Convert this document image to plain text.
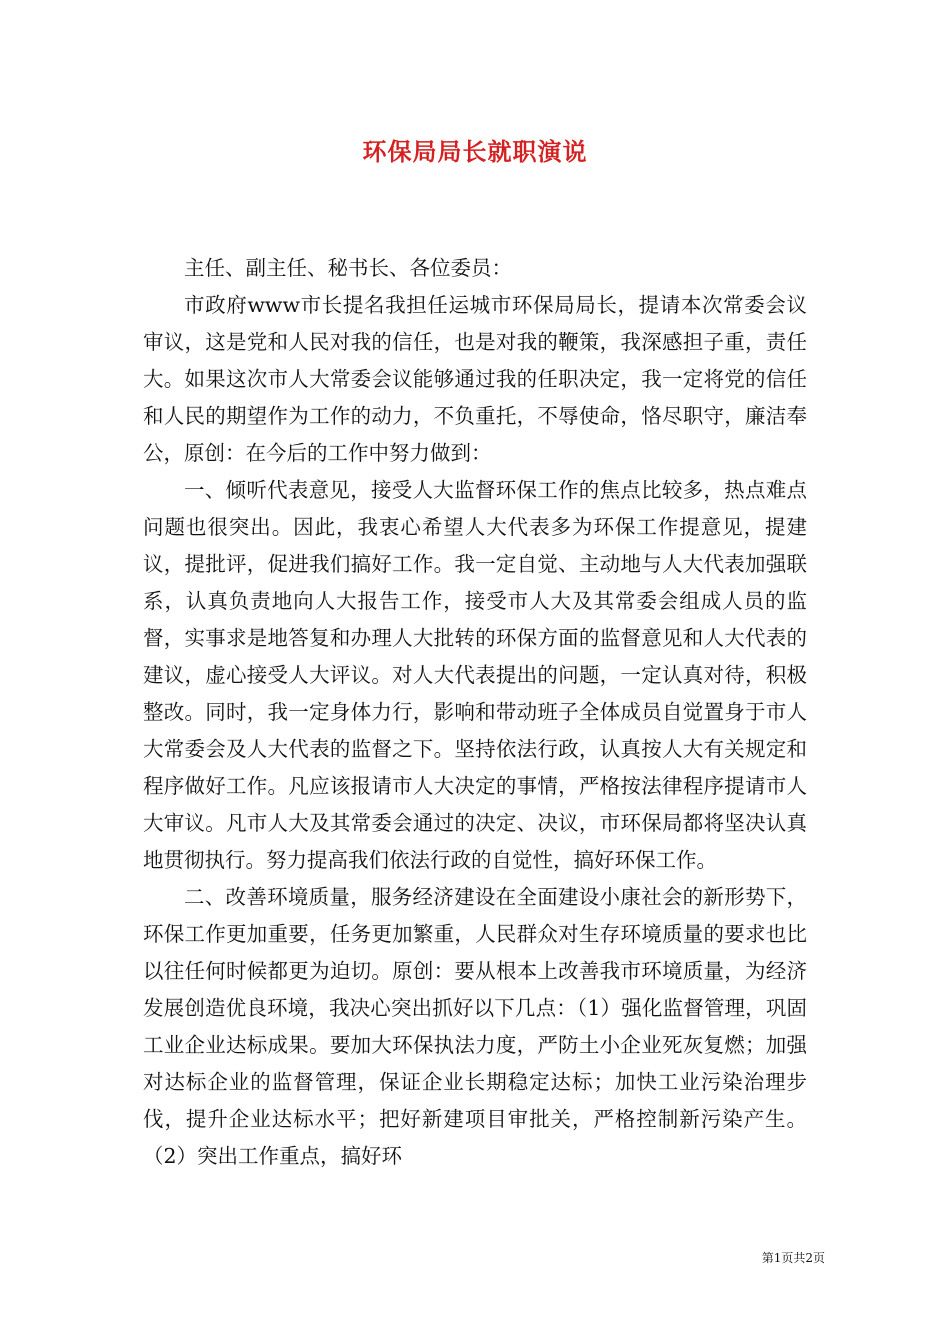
环保局局长就职演说

主任、副主任、秘书长、各位委员：

市政府www市长提名我担任运城市环保局局长，提请本次常委会议审议，这是党和人民对我的信任，也是对我的鞭策，我深感担子重，责任大。如果这次市人大常委会议能够通过我的任职决定，我一定将党的信任和人民的期望作为工作的动力，不负重托，不辱使命，恪尽职守，廉洁奉公，原创：在今后的工作中努力做到：

一、倾听代表意见，接受人大监督环保工作的焦点比较多，热点难点问题也很突出。因此，我衷心希望人大代表多为环保工作提意见，提建议，提批评，促进我们搞好工作。我一定自觉、主动地与人大代表加强联系，认真负责地向人大报告工作，接受市人大及其常委会组成人员的监督，实事求是地答复和办理人大批转的环保方面的监督意见和人大代表的建议，虚心接受人大评议。对人大代表提出的问题，一定认真对待，积极整改。同时，我一定身体力行，影响和带动班子全体成员自觉置身于市人大常委会及人大代表的监督之下。坚持依法行政，认真按人大有关规定和程序做好工作。凡应该报请市人大决定的事情，严格按法律程序提请市人大审议。凡市人大及其常委会通过的决定、决议，市环保局都将坚决认真地贯彻执行。努力提高我们依法行政的自觉性，搞好环保工作。

二、改善环境质量，服务经济建设在全面建设小康社会的新形势下，环保工作更加重要，任务更加繁重，人民群众对生存环境质量的要求也比以往任何时候都更为迫切。原创：要从根本上改善我市环境质量，为经济发展创造优良环境，我决心突出抓好以下几点：（1）强化监督管理，巩固工业企业达标成果。要加大环保执法力度，严防土小企业死灰复燃；加强对达标企业的监督管理，保证企业长期稳定达标；加快工业污染治理步伐，提升企业达标水平；把好新建项目审批关，严格控制新污染产生。（2）突出工作重点，搞好环

第1页共2页
